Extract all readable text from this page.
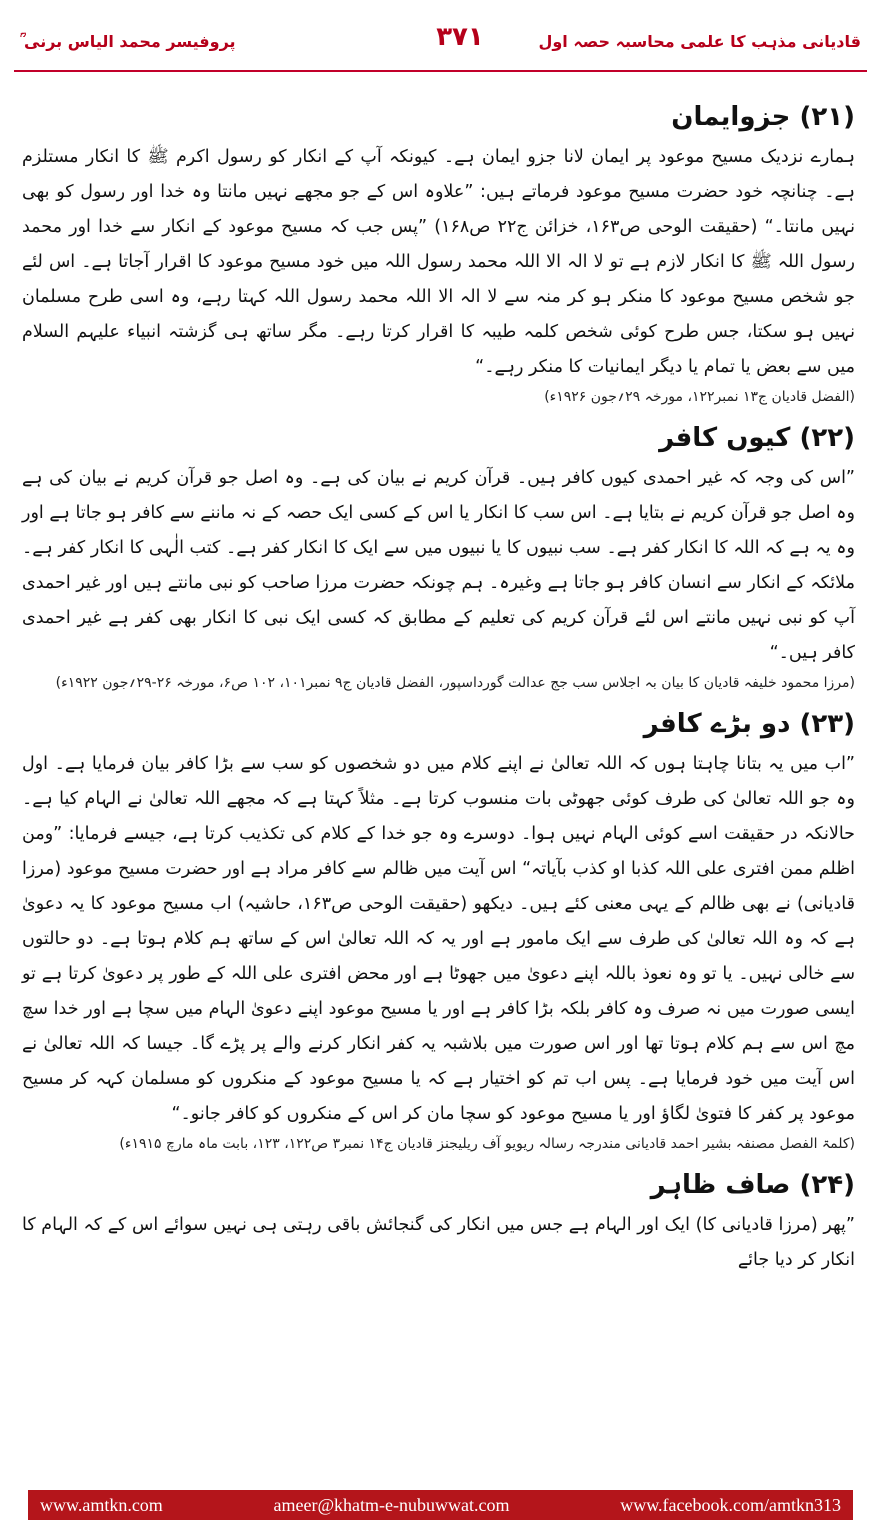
پروفیسر محمد الیاس برنی ؒ	۳۷۱	قادیانی مذہب کا علمی محاسبہ حصہ اول
(۲۱) جزوایمان

ہمارے نزدیک مسیح موعود پر ایمان لانا جزو ایمان ہے۔ کیونکہ آپ کے انکار کو رسول اکرم ﷺ کا انکار مستلزم ہے۔ چنانچہ خود حضرت مسیح موعود فرماتے ہیں: ”علاوہ اس کے جو مجھے نہیں مانتا وہ خدا اور رسول کو بھی نہیں مانتا۔“ (حقیقت الوحی ص۱۶۳، خزائن ج۲۲ ص۱۶۸) ”پس جب کہ مسیح موعود کے انکار سے خدا اور محمد رسول اللہ ﷺ کا انکار لازم ہے تو لا الہ الا اللہ محمد رسول اللہ میں خود مسیح موعود کا اقرار آجاتا ہے۔ اس لئے جو شخص مسیح موعود کا منکر ہو کر منہ سے لا الہ الا اللہ محمد رسول اللہ کہتا رہے، وہ اسی طرح مسلمان نہیں ہو سکتا، جس طرح کوئی شخص کلمہ طیبہ کا اقرار کرتا رہے۔ مگر ساتھ ہی گزشتہ انبیاء علیہم السلام میں سے بعض یا تمام یا دیگر ایمانیات کا منکر رہے۔“

(الفضل قادیان ج۱۳ نمبر۱۲۲، مورخہ ۲۹؍جون ۱۹۲۶ء)
(۲۲) کیوں کافر

”اس کی وجہ کہ غیر احمدی کیوں کافر ہیں۔ قرآن کریم نے بیان کی ہے۔ وہ اصل جو قرآن کریم نے بیان کی ہے وہ اصل جو قرآن کریم نے بتایا ہے۔ اس سب کا انکار یا اس کے کسی ایک حصہ کے نہ ماننے سے کافر ہو جاتا ہے اور وہ یہ ہے کہ اللہ کا انکار کفر ہے۔ سب نبیوں کا یا نبیوں میں سے ایک کا انکار کفر ہے۔ کتب الٰہی کا انکار کفر ہے۔ ملائکہ کے انکار سے انسان کافر ہو جاتا ہے وغیرہ۔ ہم چونکہ حضرت مرزا صاحب کو نبی مانتے ہیں اور غیر احمدی آپ کو نبی نہیں مانتے اس لئے قرآن کریم کی تعلیم کے مطابق کہ کسی ایک نبی کا انکار بھی کفر ہے غیر احمدی کافر ہیں۔“

(مرزا محمود خلیفہ قادیان کا بیان بہ اجلاس سب جج عدالت گورداسپور، الفضل قادیان ج۹ نمبر۱۰۱، ۱۰۲ ص۶، مورخہ ۲۶-۲۹؍جون ۱۹۲۲ء)
(۲۳) دو بڑے کافر

”اب میں یہ بتانا چاہتا ہوں کہ اللہ تعالیٰ نے اپنے کلام میں دو شخصوں کو سب سے بڑا کافر بیان فرمایا ہے۔ اول وہ جو اللہ تعالیٰ کی طرف کوئی جھوٹی بات منسوب کرتا ہے۔ مثلاً کہتا ہے کہ مجھے اللہ تعالیٰ نے الہام کیا ہے۔ حالانکہ در حقیقت اسے کوئی الہام نہیں ہوا۔ دوسرے وہ جو خدا کے کلام کی تکذیب کرتا ہے، جیسے فرمایا: ”ومن اظلم ممن افتری علی اللہ کذبا او کذب بآیاتہ“ اس آیت میں ظالم سے کافر مراد ہے اور حضرت مسیح موعود (مرزا قادیانی) نے بھی ظالم کے یہی معنی کئے ہیں۔ دیکھو (حقیقت الوحی ص۱۶۳، حاشیہ) اب مسیح موعود کا یہ دعویٰ ہے کہ وہ اللہ تعالیٰ کی طرف سے ایک مامور ہے اور یہ کہ اللہ تعالیٰ اس کے ساتھ ہم کلام ہوتا ہے۔ دو حالتوں سے خالی نہیں۔ یا تو وہ نعوذ باللہ اپنے دعویٰ میں جھوٹا ہے اور محض افتری علی اللہ کے طور پر دعویٰ کرتا ہے تو ایسی صورت میں نہ صرف وہ کافر بلکہ بڑا کافر ہے اور یا مسیح موعود اپنے دعویٰ الہام میں سچا ہے اور خدا سچ مچ اس سے ہم کلام ہوتا تھا اور اس صورت میں بلاشبہ یہ کفر انکار کرنے والے پر پڑے گا۔ جیسا کہ اللہ تعالیٰ نے اس آیت میں خود فرمایا ہے۔ پس اب تم کو اختیار ہے کہ یا مسیح موعود کے منکروں کو مسلمان کہہ کر مسیح موعود پر کفر کا فتویٰ لگاؤ اور یا مسیح موعود کو سچا مان کر اس کے منکروں کو کافر جانو۔“

(کلمۃ الفصل مصنفہ بشیر احمد قادیانی مندرجہ رسالہ ریویو آف ریلیجنز قادیان ج۱۴ نمبر۳ ص۱۲۲، ۱۲۳، بابت ماہ مارچ ۱۹۱۵ء)
(۲۴) صاف ظاہر

”پھر (مرزا قادیانی کا) ایک اور الہام ہے جس میں انکار کی گنجائش باقی رہتی ہی نہیں سوائے اس کے کہ الہام کا انکار کر دیا جائے

www.amtkn.com	ameer@khatm-e-nubuwwat.com	www.facebook.com/amtkn313
